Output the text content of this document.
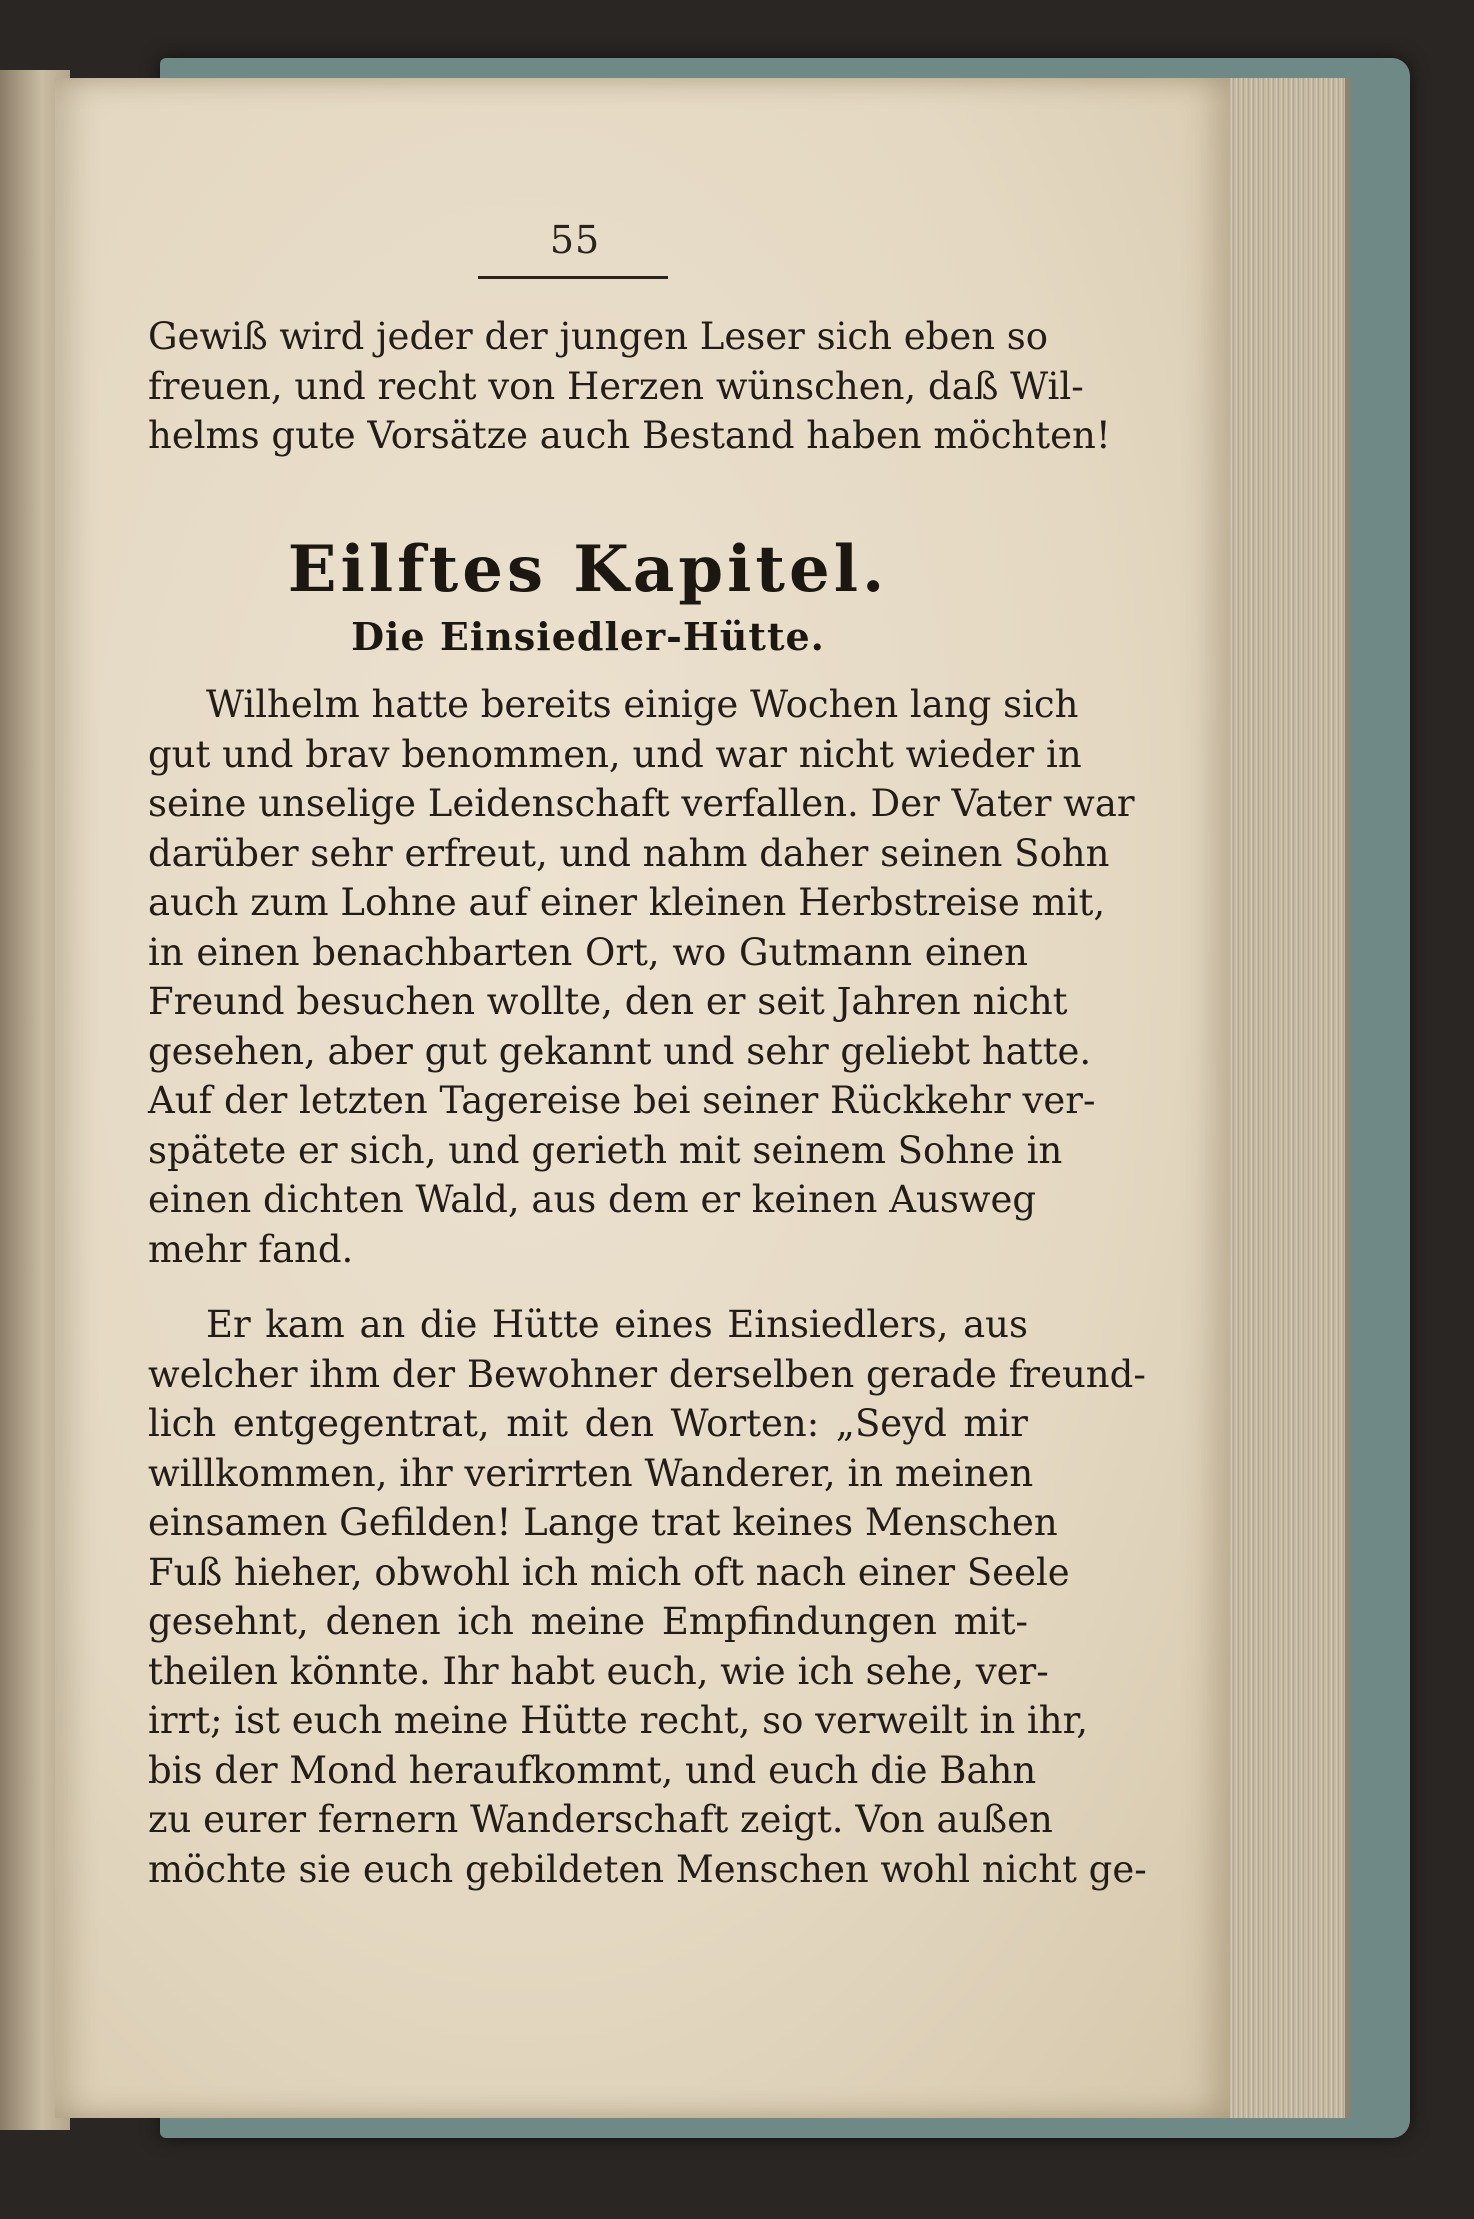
55
Gewiß wird jeder der jungen Leser sich eben so
freuen, und recht von Herzen wünschen, daß Wil-
helms gute Vorsätze auch Bestand haben möchten!
Eilftes Kapitel.
Die Einsiedler-Hütte.
Wilhelm hatte bereits einige Wochen lang sich
gut und brav benommen, und war nicht wieder in
seine unselige Leidenschaft verfallen. Der Vater war
darüber sehr erfreut, und nahm daher seinen Sohn
auch zum Lohne auf einer kleinen Herbstreise mit,
in einen benachbarten Ort, wo Gutmann einen
Freund besuchen wollte, den er seit Jahren nicht
gesehen, aber gut gekannt und sehr geliebt hatte.
Auf der letzten Tagereise bei seiner Rückkehr ver-
spätete er sich, und gerieth mit seinem Sohne in
einen dichten Wald, aus dem er keinen Ausweg
mehr fand.
Er kam an die Hütte eines Einsiedlers, aus
welcher ihm der Bewohner derselben gerade freund-
lich entgegentrat, mit den Worten: „Seyd mir
willkommen, ihr verirrten Wanderer, in meinen
einsamen Gefilden! Lange trat keines Menschen
Fuß hieher, obwohl ich mich oft nach einer Seele
gesehnt, denen ich meine Empfindungen mit-
theilen könnte. Ihr habt euch, wie ich sehe, ver-
irrt; ist euch meine Hütte recht, so verweilt in ihr,
bis der Mond heraufkommt, und euch die Bahn
zu eurer fernern Wanderschaft zeigt. Von außen
möchte sie euch gebildeten Menschen wohl nicht ge-
